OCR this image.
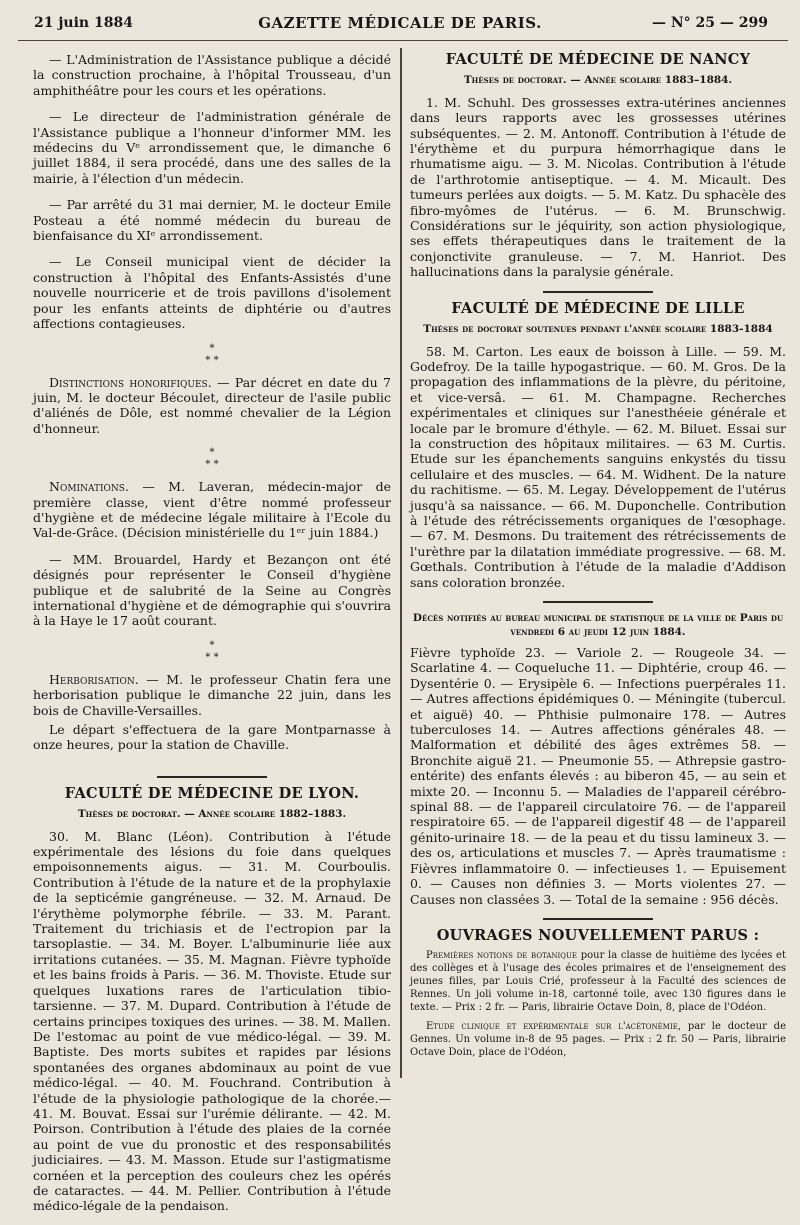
21 juin 1884	GAZETTE MÉDICALE DE PARIS.	— N° 25 — 299

— L'Administration de l'Assistance publique a décidé la construction prochaine, à l'hôpital Trousseau, d'un amphithéâtre pour les cours et les opérations.

— Le directeur de l'administration générale de l'Assistance publique a l'honneur d'informer MM. les médecins du Vᵉ arrondissement que, le dimanche 6 juillet 1884, il sera procédé, dans une des salles de la mairie, à l'élection d'un médecin.

— Par arrêté du 31 mai dernier, M. le docteur Emile Posteau a été nommé médecin du bureau de bienfaisance du XIᵉ arrondissement.

— Le Conseil municipal vient de décider la construction à l'hôpital des Enfants-Assistés d'une nouvelle nourricerie et de trois pavillons d'isolement pour les enfants atteints de diphtérie ou d'autres affections contagieuses.

*
* *

Distinctions honorifiques. — Par décret en date du 7 juin, M. le docteur Bécoulet, directeur de l'asile public d'aliénés de Dôle, est nommé chevalier de la Légion d'honneur.

*
* *

Nominations. — M. Laveran, médecin-major de première classe, vient d'être nommé professeur d'hygiène et de médecine légale militaire à l'Ecole du Val-de-Grâce. (Décision ministérielle du 1ᵉʳ juin 1884.)

— MM. Brouardel, Hardy et Bezançon ont été désignés pour représenter le Conseil d'hygiène publique et de salubrité de la Seine au Congrès international d'hygiène et de démographie qui s'ouvrira à la Haye le 17 août courant.

*
* *

Herborisation. — M. le professeur Chatin fera une herborisation publique le dimanche 22 juin, dans les bois de Chaville-Versailles.

Le départ s'effectuera de la gare Montparnasse à onze heures, pour la station de Chaville.

FACULTÉ DE MÉDECINE DE LYON.
Thèses de doctorat. — Année scolaire 1882–1883.

30. M. Blanc (Léon). Contribution à l'étude expérimentale des lésions du foie dans quelques empoisonnements aigus. — 31. M. Courboulis. Contribution à l'étude de la nature et de la prophylaxie de la septicémie gangréneuse. — 32. M. Arnaud. De l'érythème polymorphe fébrile. — 33. M. Parant. Traitement du trichiasis et de l'ectropion par la tarsoplastie. — 34. M. Boyer. L'albuminurie liée aux irritations cutanées. — 35. M. Magnan. Fièvre typhoïde et les bains froids à Paris. — 36. M. Thoviste. Etude sur quelques luxations rares de l'articulation tibio-tarsienne. — 37. M. Dupard. Contribution à l'étude de certains principes toxiques des urines. — 38. M. Mallen. De l'estomac au point de vue médico-légal. — 39. M. Baptiste. Des morts subites et rapides par lésions spontanées des organes abdominaux au point de vue médico-légal. — 40. M. Fouchrand. Contribution à l'étude de la physiologie pathologique de la chorée.—41. M. Bouvat. Essai sur l'urémie délirante. — 42. M. Poirson. Contribution à l'étude des plaies de la cornée au point de vue du pronostic et des responsabilités judiciaires. — 43. M. Masson. Etude sur l'astigmatisme cornéen et la perception des couleurs chez les opérés de cataractes. — 44. M. Pellier. Contribution à l'étude médico-légale de la pendaison.

FACULTÉ DE MÉDECINE DE NANCY
Thèses de doctorat. — Année scolaire 1883–1884.

1. M. Schuhl. Des grossesses extra-utérines anciennes dans leurs rapports avec les grossesses utérines subséquentes. — 2. M. Antonoff. Contribution à l'étude de l'érythème et du purpura hémorrhagique dans le rhumatisme aigu. — 3. M. Nicolas. Contribution à l'étude de l'arthrotomie antiseptique. — 4. M. Micault. Des tumeurs perlées aux doigts. — 5. M. Katz. Du sphacèle des fibro-myômes de l'utérus. — 6. M. Brunschwig. Considérations sur le jéquirity, son action physiologique, ses effets thérapeutiques dans le traitement de la conjonctivite granuleuse. — 7. M. Hanriot. Des hallucinations dans la paralysie générale.

FACULTÉ DE MÉDECINE DE LILLE
Thèses de doctorat soutenues pendant l'année scolaire 1883-1884

58. M. Carton. Les eaux de boisson à Lille. — 59. M. Godefroy. De la taille hypogastrique. — 60. M. Gros. De la propagation des inflammations de la plèvre, du péritoine, et vice-versâ. — 61. M. Champagne. Recherches expérimentales et cliniques sur l'anesthéeie générale et locale par le bromure d'éthyle. — 62. M. Biluet. Essai sur la construction des hôpitaux militaires. — 63 M. Curtis. Etude sur les épanchements sanguins enkystés du tissu cellulaire et des muscles. — 64. M. Widhent. De la nature du rachitisme. — 65. M. Legay. Développement de l'utérus jusqu'à sa naissance. — 66. M. Duponchelle. Contribution à l'étude des rétrécissements organiques de l'œsophage. — 67. M. Desmons. Du traitement des rétrécissements de l'urèthre par la dilatation immédiate progressive. — 68. M. Gœthals. Contribution à l'étude de la maladie d'Addison sans coloration bronzée.

Décès notifiés au bureau municipal de statistique de la ville de Paris du vendredi 6 au jeudi 12 juin 1884.

Fièvre typhoïde 23. — Variole 2. — Rougeole 34. — Scarlatine 4. — Coqueluche 11. — Diphtérie, croup 46. — Dysentérie 0. — Erysipèle 6. — Infections puerpérales 11. — Autres affections épidémiques 0. — Méningite (tubercul. et aiguë) 40. — Phthisie pulmonaire 178. — Autres tuberculoses 14. — Autres affections générales 48. — Malformation et débilité des âges extrêmes 58. — Bronchite aiguë 21. — Pneumonie 55. — Athrepsie gastro-entérite) des enfants élevés : au biberon 45, — au sein et mixte 20. — Inconnu 5. — Maladies de l'appareil cérébro-spinal 88. — de l'appareil circulatoire 76. — de l'appareil respiratoire 65. — de l'appareil digestif 48 — de l'appareil génito-urinaire 18. — de la peau et du tissu lamineux 3. — des os, articulations et muscles 7. — Après traumatisme : Fièvres inflammatoire 0. — infectieuses 1. — Epuisement 0. — Causes non définies 3. — Morts violentes 27. — Causes non classées 3. — Total de la semaine : 956 décès.

OUVRAGES NOUVELLEMENT PARUS :

Premières notions de botanique pour la classe de huitième des lycées et des collèges et à l'usage des écoles primaires et de l'enseignement des jeunes filles, par Louis Crié, professeur à la Faculté des sciences de Rennes. Un joli volume in-18, cartonné toile, avec 130 figures dans le texte. — Prix : 2 fr. — Paris, librairie Octave Doin, 8, place de l'Odéon.

Etude clinique et expérimentale sur l'acétonémie, par le docteur de Gennes. Un volume in-8 de 95 pages. — Prix : 2 fr. 50 — Paris, librairie Octave Doin, place de l'Odéon,
